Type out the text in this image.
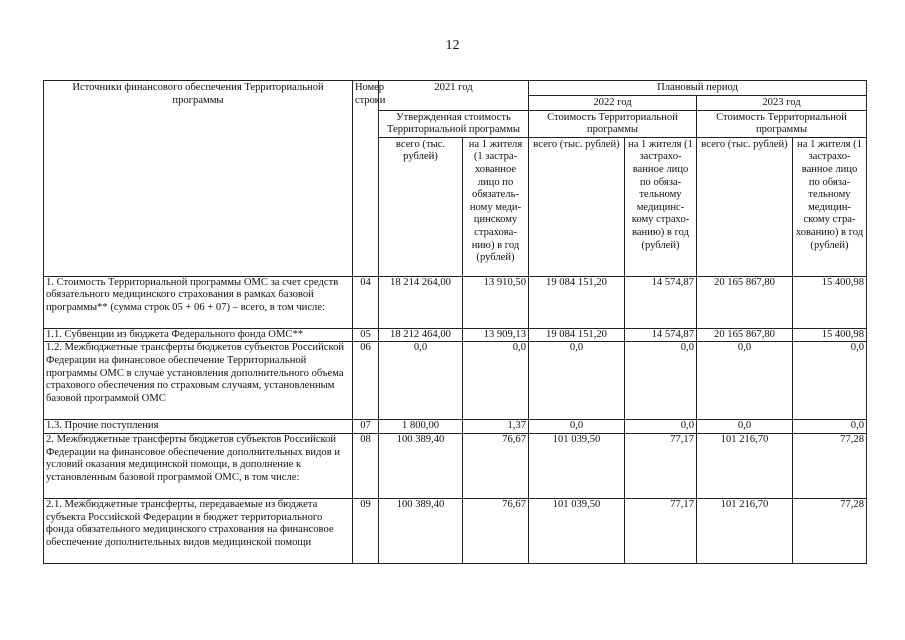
12
Источники финансового обеспечения Территориальной программы	Номер строки	2021 год		Плановый период			
				2022 год		2023 год	
		Утвержденная стоимость Территориальной программы		Стоимость Территориальной программы		Стоимость Территориальной программы	
		всего (тыс. рублей)	на 1 жителя (1 застра-хованное лицо по обязатель-ному меди-цинскому страхова-нию) в год (рублей)	всего (тыс. рублей)	на 1 жителя (1 застрахо-ванное лицо по обяза-тельному медицинс-кому страхо-ванию) в год (рублей)	всего (тыс. рублей)	на 1 жителя (1 застрахо-ванное лицо по обяза-тельному медицин-скому стра-хованию) в год (рублей)
1. Стоимость Территориальной программы ОМС за счет средств обязательного медицинского страхования в рамках базовой программы** (сумма строк 05 + 06 + 07) – всего, в том числе:	04	18 214 264,00	13 910,50	19 084 151,20	14 574,87	20 165 867,80	15 400,98
1.1. Субвенции из бюджета Федерального фонда ОМС**	05	18 212 464,00	13 909,13	19 084 151,20	14 574,87	20 165 867,80	15 400,98
1.2. Межбюджетные трансферты бюджетов субъектов Российской Федерации на финансовое обеспечение Территориальной программы ОМС в случае установления дополнительного объема страхового обеспечения по страховым случаям, установленным базовой программой ОМС	06	0,0	0,0	0,0	0,0	0,0	0,0
1.3. Прочие поступления	07	1 800,00	1,37	0,0	0,0	0,0	0,0
2. Межбюджетные трансферты бюджетов субъектов Российской Федерации на финансовое обеспечение дополнительных видов и условий оказания медицинской помощи, в дополнение к установленным базовой программой ОМС, в том числе:	08	100 389,40	76,67	101 039,50	77,17	101 216,70	77,28
2.1. Межбюджетные трансферты, передаваемые из бюджета субъекта Российской Федерации в бюджет территориального фонда обязательного медицинского страхования на финансовое обеспечение дополнительных видов медицинской помощи	09	100 389,40	76,67	101 039,50	77,17	101 216,70	77,28
